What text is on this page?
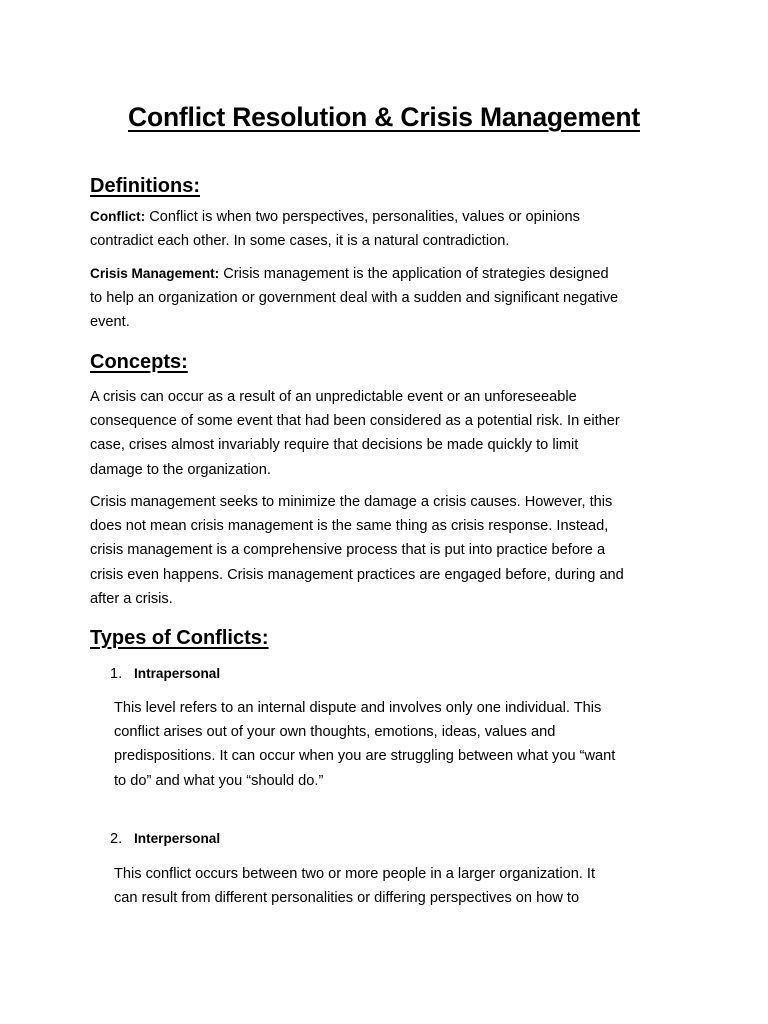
Conflict Resolution & Crisis Management
Definitions:
Conflict: Conflict is when two perspectives, personalities, values or opinions
contradict each other. In some cases, it is a natural contradiction.
Crisis Management: Crisis management is the application of strategies designed
to help an organization or government deal with a sudden and significant negative
event.
Concepts:
A crisis can occur as a result of an unpredictable event or an unforeseeable
consequence of some event that had been considered as a potential risk. In either
case, crises almost invariably require that decisions be made quickly to limit
damage to the organization.
Crisis management seeks to minimize the damage a crisis causes. However, this
does not mean crisis management is the same thing as crisis response. Instead,
crisis management is a comprehensive process that is put into practice before a
crisis even happens. Crisis management practices are engaged before, during and
after a crisis.
Types of Conflicts:
1. Intrapersonal
This level refers to an internal dispute and involves only one individual. This
conflict arises out of your own thoughts, emotions, ideas, values and
predispositions. It can occur when you are struggling between what you “want
to do” and what you “should do.”
2. Interpersonal
This conflict occurs between two or more people in a larger organization. It
can result from different personalities or differing perspectives on how to
